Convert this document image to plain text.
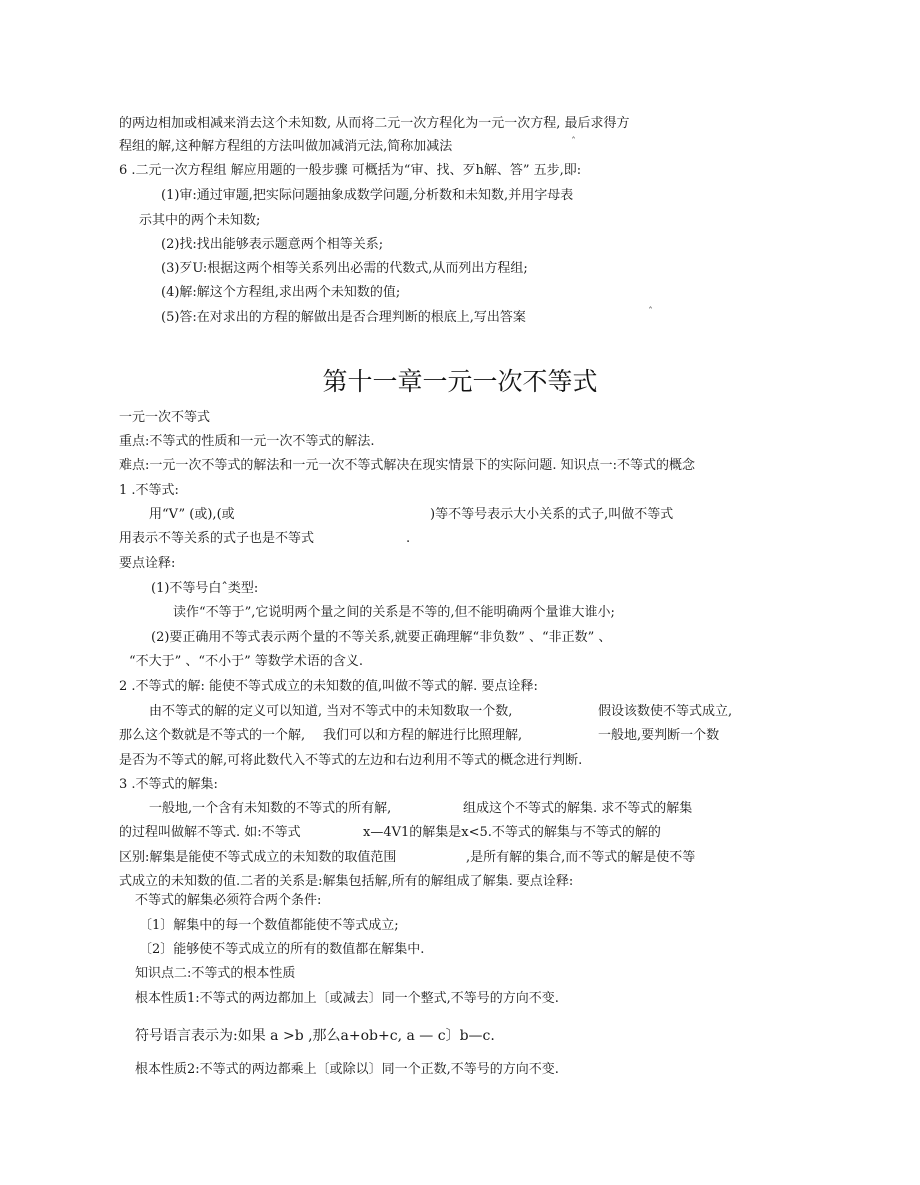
的两边相加或相减来消去这个未知数, 从而将二元一次方程化为一元一次方程, 最后求得方
程组的解,这种解方程组的方法叫做加减消元法,简称加减法	ˆ
6 .二元一次方程组 解应用题的一般步骤 可概括为“审、找、歹h解、答” 五步,即:
(1)审:通过审题,把实际问题抽象成数学问题,分析数和未知数,并用字母表
示其中的两个未知数;
(2)找:找出能够表示题意两个相等关系;
(3)歹U:根据这两个相等关系列出必需的代数式,从而列出方程组;
(4)解:解这个方程组,求出两个未知数的值;
(5)答:在对求出的方程的解做出是否合理判断的根底上,写出答案	ˆ
第十一章一元一次不等式
一元一次不等式
重点:不等式的性质和一元一次不等式的解法.
难点:一元一次不等式的解法和一元一次不等式解决在现实情景下的实际问题. 知识点一:不等式的概念
1 .不等式:
用“V” (或),(或	)等不等号表示大小关系的式子,叫做不等式
用表示不等关系的式子也是不等式	.
要点诠释:
(1)不等号白ˆ类型:
读作“不等于”,它说明两个量之间的关系是不等的,但不能明确两个量谁大谁小;
(2)要正确用不等式表示两个量的不等关系,就要正确理解“非负数” 、“非正数” 、
“不大于” 、“不小于” 等数学术语的含义.
2 .不等式的解: 能使不等式成立的未知数的值,叫做不等式的解. 要点诠释:
由不等式的解的定义可以知道, 当对不等式中的未知数取一个数,	假设该数使不等式成立,
那么这个数就是不等式的一个解, 我们可以和方程的解进行比照理解,	一般地,要判断一个数
是否为不等式的解,可将此数代入不等式的左边和右边利用不等式的概念进行判断.
3 .不等式的解集:
一般地,一个含有未知数的不等式的所有解,	组成这个不等式的解集. 求不等式的解集
的过程叫做解不等式. 如:不等式	x—4V1的解集是x<5.不等式的解集与不等式的解的
区别:解集是能使不等式成立的未知数的取值范围	,是所有解的集合,而不等式的解是使不等
式成立的未知数的值.二者的关系是:解集包括解,所有的解组成了解集. 要点诠释:
不等式的解集必须符合两个条件:
〔1〕解集中的每一个数值都能使不等式成立;
〔2〕能够使不等式成立的所有的数值都在解集中.
知识点二:不等式的根本性质
根本性质1:不等式的两边都加上〔或减去〕同一个整式,不等号的方向不变.
符号语言表示为:如果 a >b ,那么a+ob+c, a — c〕b—c.
根本性质2:不等式的两边都乘上〔或除以〕同一个正数,不等号的方向不变.
